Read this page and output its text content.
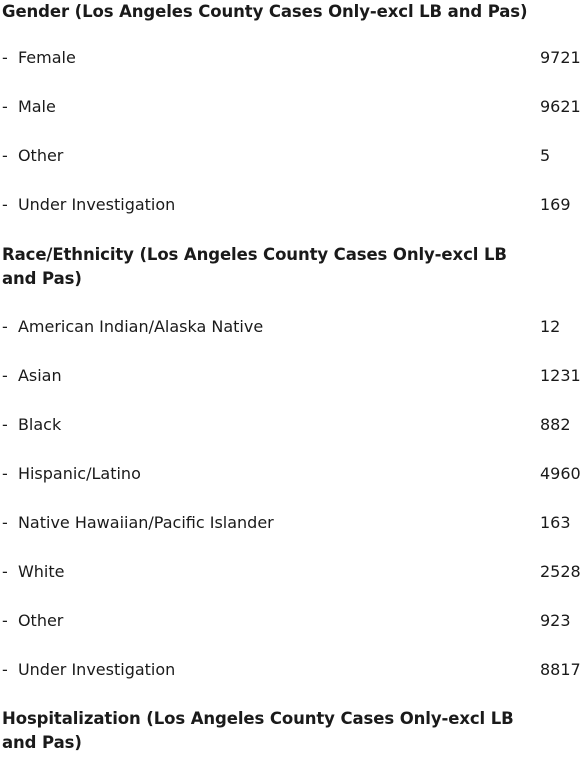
Gender (Los Angeles County Cases Only-excl LB and Pas)
-  Female	9721
-  Male	9621
-  Other	5
-  Under Investigation	169
Race/Ethnicity (Los Angeles County Cases Only-excl LB and Pas)
-  American Indian/Alaska Native	12
-  Asian	1231
-  Black	882
-  Hispanic/Latino	4960
-  Native Hawaiian/Pacific Islander	163
-  White	2528
-  Other	923
-  Under Investigation	8817
Hospitalization (Los Angeles County Cases Only-excl LB and Pas)
